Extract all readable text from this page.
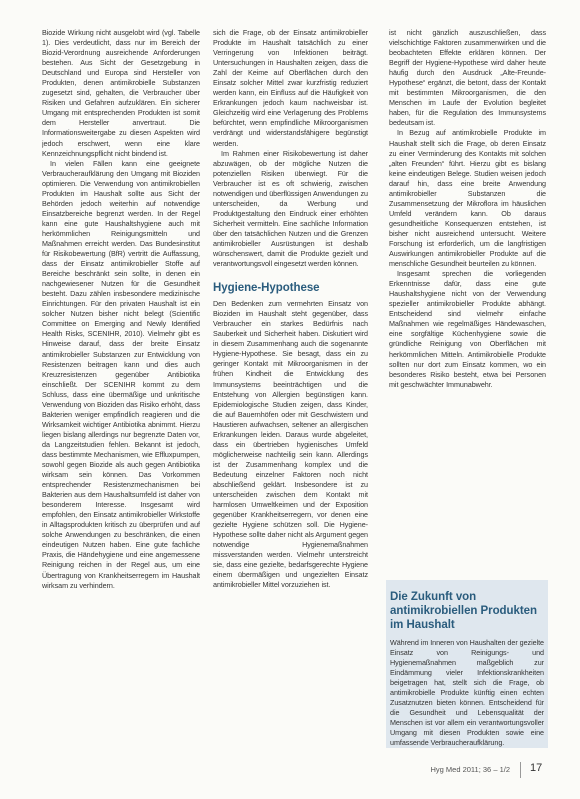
Biozide Wirkung nicht ausgelobt wird (vgl. Tabelle 1). Dies verdeutlicht, dass nur im Bereich der Biozid-Verordnung ausreichende Anforderungen bestehen. Aus Sicht der Gesetzgebung in Deutschland und Europa sind Hersteller von Produkten, denen antimikrobielle Substanzen zugesetzt sind, gehalten, die Verbraucher über Risiken und Gefahren aufzuklären. Ein sicherer Umgang mit entsprechenden Produkten ist somit dem Hersteller anvertraut. Die Informationsweitergabe zu diesen Aspekten wird jedoch erschwert, wenn eine klare Kennzeichnungspflicht nicht bindend ist.

In vielen Fällen kann eine geeignete Verbraucheraufklärung den Umgang mit Bioziden optimieren. Die Verwendung von antimikrobiellen Produkten im Haushalt sollte aus Sicht der Behörden jedoch weiterhin auf notwendige Einsatzbereiche begrenzt werden. In der Regel kann eine gute Haushaltshygiene auch mit herkömmlichen Reinigungsmitteln und Maßnahmen erreicht werden. Das Bundesinstitut für Risikobewertung (BfR) vertritt die Auffassung, dass der Einsatz antimikrobieller Stoffe auf Bereiche beschränkt sein sollte, in denen ein nachgewiesener Nutzen für die Gesundheit besteht. Dazu zählen insbesondere medizinische Einrichtungen. Für den privaten Haushalt ist ein solcher Nutzen bisher nicht belegt (Scientific Committee on Emerging and Newly Identified Health Risks, SCENIHR, 2010). Vielmehr gibt es Hinweise darauf, dass der breite Einsatz antimikrobieller Substanzen zur Entwicklung von Resistenzen beitragen kann und dies auch Kreuzresistenzen gegenüber Antibiotika einschließt. Der SCENIHR kommt zu dem Schluss, dass eine übermäßige und unkritische Verwendung von Bioziden das Risiko erhöht, dass Bakterien weniger empfindlich reagieren und die Wirksamkeit wichtiger Antibiotika abnimmt. Hierzu liegen bislang allerdings nur begrenzte Daten vor, da Langzeitstudien fehlen. Bekannt ist jedoch, dass bestimmte Mechanismen, wie Effluxpumpen, sowohl gegen Biozide als auch gegen Antibiotika wirksam sein können. Das Vorkommen entsprechender Resistenzmechanismen bei Bakterien aus dem Haushaltsumfeld ist daher von besonderem Interesse. Insgesamt wird empfohlen, den Einsatz antimikrobieller Wirkstoffe in Alltagsprodukten kritisch zu überprüfen und auf solche Anwendungen zu beschränken, die einen eindeutigen Nutzen haben. Eine gute fachliche Praxis, die Händehygiene und eine angemessene Reinigung reichen in der Regel aus, um eine Übertragung von Krankheitserregern im Haushalt wirksam zu verhindern.

sich die Frage, ob der Einsatz antimikrobieller Produkte im Haushalt tatsächlich zu einer Verringerung von Infektionen beiträgt. Untersuchungen in Haushalten zeigen, dass die Zahl der Keime auf Oberflächen durch den Einsatz solcher Mittel zwar kurzfristig reduziert werden kann, ein Einfluss auf die Häufigkeit von Erkrankungen jedoch kaum nachweisbar ist. Gleichzeitig wird eine Verlagerung des Problems befürchtet, wenn empfindliche Mikroorganismen verdrängt und widerstandsfähigere begünstigt werden.

Im Rahmen einer Risikobewertung ist daher abzuwägen, ob der mögliche Nutzen die potenziellen Risiken überwiegt. Für die Verbraucher ist es oft schwierig, zwischen notwendigen und überflüssigen Anwendungen zu unterscheiden, da Werbung und Produktgestaltung den Eindruck einer erhöhten Sicherheit vermitteln. Eine sachliche Information über den tatsächlichen Nutzen und die Grenzen antimikrobieller Ausrüstungen ist deshalb wünschenswert, damit die Produkte gezielt und verantwortungsvoll eingesetzt werden können.

Hygiene-Hypothese

Den Bedenken zum vermehrten Einsatz von Bioziden im Haushalt steht gegenüber, dass Verbraucher ein starkes Bedürfnis nach Sauberkeit und Sicherheit haben. Diskutiert wird in diesem Zusammenhang auch die sogenannte Hygiene-Hypothese. Sie besagt, dass ein zu geringer Kontakt mit Mikroorganismen in der frühen Kindheit die Entwicklung des Immunsystems beeinträchtigen und die Entstehung von Allergien begünstigen kann. Epidemiologische Studien zeigen, dass Kinder, die auf Bauernhöfen oder mit Geschwistern und Haustieren aufwachsen, seltener an allergischen Erkrankungen leiden. Daraus wurde abgeleitet, dass ein übertrieben hygienisches Umfeld möglicherweise nachteilig sein kann. Allerdings ist der Zusammenhang komplex und die Bedeutung einzelner Faktoren noch nicht abschließend geklärt. Insbesondere ist zu unterscheiden zwischen dem Kontakt mit harmlosen Umweltkeimen und der Exposition gegenüber Krankheitserregern, vor denen eine gezielte Hygiene schützen soll. Die Hygiene-Hypothese sollte daher nicht als Argument gegen notwendige Hygienemaßnahmen missverstanden werden. Vielmehr unterstreicht sie, dass eine gezielte, bedarfsgerechte Hygiene einem übermäßigen und ungezielten Einsatz antimikrobieller Mittel vorzuziehen ist.

ist nicht gänzlich auszuschließen, dass vielschichtige Faktoren zusammenwirken und die beobachteten Effekte erklären können. Der Begriff der Hygiene-Hypothese wird daher heute häufig durch den Ausdruck „Alte-Freunde-Hypothese“ ergänzt, die betont, dass der Kontakt mit bestimmten Mikroorganismen, die den Menschen im Laufe der Evolution begleitet haben, für die Regulation des Immunsystems bedeutsam ist.

In Bezug auf antimikrobielle Produkte im Haushalt stellt sich die Frage, ob deren Einsatz zu einer Verminderung des Kontakts mit solchen „alten Freunden“ führt. Hierzu gibt es bislang keine eindeutigen Belege. Studien weisen jedoch darauf hin, dass eine breite Anwendung antimikrobieller Substanzen die Zusammensetzung der Mikroflora im häuslichen Umfeld verändern kann. Ob daraus gesundheitliche Konsequenzen entstehen, ist bisher nicht ausreichend untersucht. Weitere Forschung ist erforderlich, um die langfristigen Auswirkungen antimikrobieller Produkte auf die menschliche Gesundheit beurteilen zu können.

Insgesamt sprechen die vorliegenden Erkenntnisse dafür, dass eine gute Haushaltshygiene nicht von der Verwendung spezieller antimikrobieller Produkte abhängt. Entscheidend sind vielmehr einfache Maßnahmen wie regelmäßiges Händewaschen, eine sorgfältige Küchenhygiene sowie die gründliche Reinigung von Oberflächen mit herkömmlichen Mitteln. Antimikrobielle Produkte sollten nur dort zum Einsatz kommen, wo ein besonderes Risiko besteht, etwa bei Personen mit geschwächter Immunabwehr.

Die Zukunft von antimikrobiellen Produkten im Haushalt

Während im Inneren von Haushalten der gezielte Einsatz von Reinigungs- und Hygienemaßnahmen maßgeblich zur Eindämmung vieler Infektionskrankheiten beigetragen hat, stellt sich die Frage, ob antimikrobielle Produkte künftig einen echten Zusatznutzen bieten können. Entscheidend für die Gesundheit und Lebensqualität der Menschen ist vor allem ein verantwortungsvoller Umgang mit diesen Produkten sowie eine umfassende Verbraucheraufklärung.

Hyg Med 2011; 36 – 1/2 17
